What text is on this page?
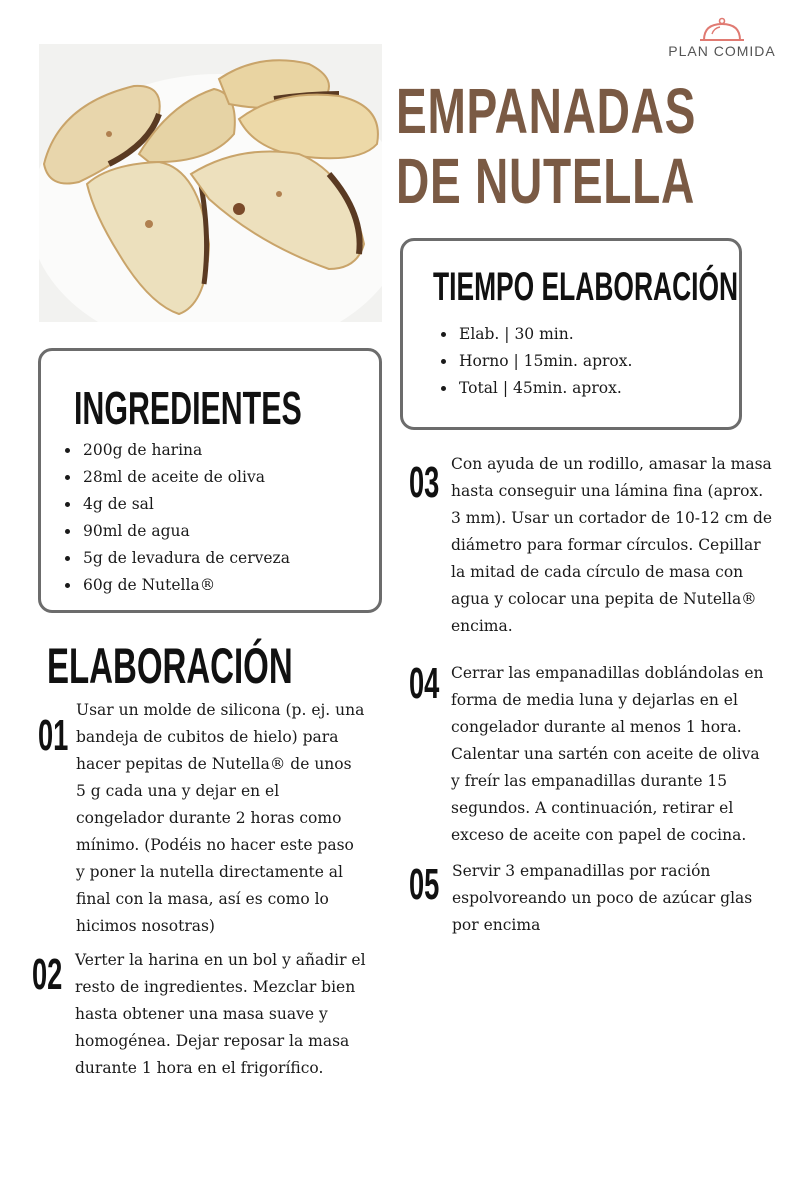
PLAN COMIDA
EMPANADAS
DE NUTELLA
TIEMPO ELABORACIÓN
• Elab. | 30 min.
• Horno | 15min. aprox.
• Total | 45min. aprox.
INGREDIENTES
• 200g de harina
• 28ml de aceite de oliva
• 4g de sal
• 90ml de agua
• 5g de levadura de cerveza
• 60g de Nutella®
ELABORACIÓN
01
Usar un molde de silicona (p. ej. una bandeja de cubitos de hielo) para hacer pepitas de Nutella® de unos 5 g cada una y dejar en el congelador durante 2 horas como mínimo. (Podéis no hacer este paso y poner la nutella directamente al final con la masa, así es como lo hicimos nosotras)
02 Verter la harina en un bol y añadir el resto de ingredientes. Mezclar bien hasta obtener una masa suave y homogénea. Dejar reposar la masa durante 1 hora en el frigorífico.
03 Con ayuda de un rodillo, amasar la masa hasta conseguir una lámina fina (aprox. 3 mm). Usar un cortador de 10-12 cm de diámetro para formar círculos. Cepillar la mitad de cada círculo de masa con agua y colocar una pepita de Nutella® encima.
04 Cerrar las empanadillas doblándolas en forma de media luna y dejarlas en el congelador durante al menos 1 hora. Calentar una sartén con aceite de oliva y freír las empanadillas durante 15 segundos. A continuación, retirar el exceso de aceite con papel de cocina.
05 Servir 3 empanadillas por ración espolvoreando un poco de azúcar glas por encima
